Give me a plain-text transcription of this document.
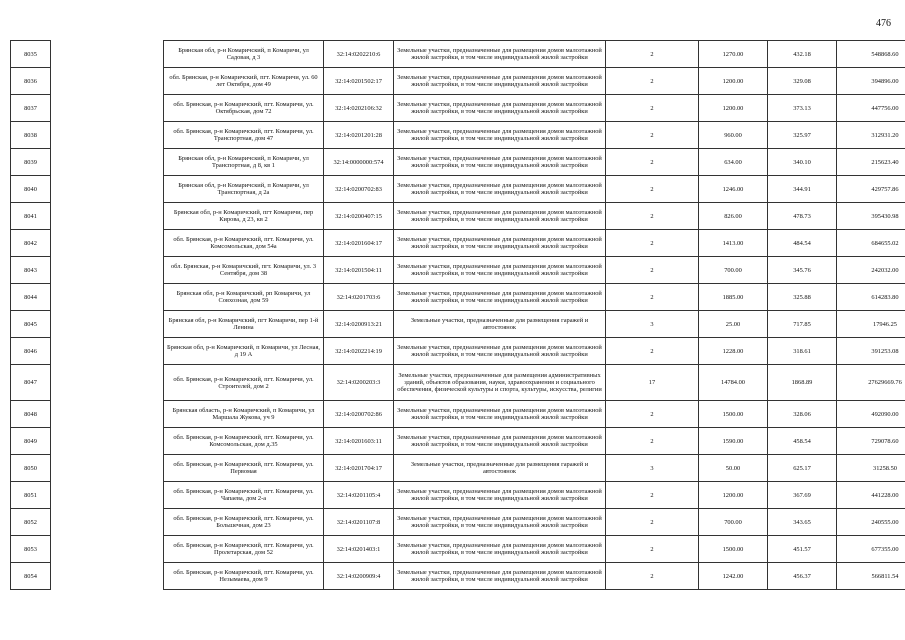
476
8035		Брянская обл, р-н Комаричский, п Комаричи, ул Садовая, д 3	32:14:0202210:6	Земельные участки, предназначенные для размещения домов малоэтажной жилой застройки, в том числе индивидуальной жилой застройки	2	1270.00	432.18	548868.60
8036		обл. Брянская, р-н Комаричский, пгт. Комаричи, ул. 60 лет Октября, дом 49	32:14:0201502:17	Земельные участки, предназначенные для размещения домов малоэтажной жилой застройки, в том числе индивидуальной жилой застройки	2	1200.00	329.08	394896.00
8037		обл. Брянская, р-н Комаричский, пгт. Комаричи, ул. Октябрьская, дом 72	32:14:0202106:32	Земельные участки, предназначенные для размещения домов малоэтажной жилой застройки, в том числе индивидуальной жилой застройки	2	1200.00	373.13	447756.00
8038		обл. Брянская, р-н Комаричский, пгт. Комаричи, ул. Транспортная, дом 47	32:14:0201201:28	Земельные участки, предназначенные для размещения домов малоэтажной жилой застройки, в том числе индивидуальной жилой застройки	2	960.00	325.97	312931.20
8039		Брянская обл, р-н Комаричский, п Комаричи, ул Транспортная, д 8, кв 1	32:14:0000000:574	Земельные участки, предназначенные для размещения домов малоэтажной жилой застройки, в том числе индивидуальной жилой застройки	2	634.00	340.10	215623.40
8040		Брянская обл, р-н Комаричский, п Комаричи, ул Транспортная, д 2а	32:14:0200702:83	Земельные участки, предназначенные для размещения домов малоэтажной жилой застройки, в том числе индивидуальной жилой застройки	2	1246.00	344.91	429757.86
8041		Брянская обл, р-н Комаричский, пгт Комаричи, пер Кирова, д 23, кв 2	32:14:0200407:15	Земельные участки, предназначенные для размещения домов малоэтажной жилой застройки, в том числе индивидуальной жилой застройки	2	826.00	478.73	395430.98
8042		обл. Брянская, р-н Комаричский, пгт. Комаричи, ул. Комсомольская, дом 54а	32:14:0201604:17	Земельные участки, предназначенные для размещения домов малоэтажной жилой застройки, в том числе индивидуальной жилой застройки	2	1413.00	484.54	684655.02
8043		обл. Брянская, р-н Комаричский, пгт. Комаричи, ул. 3 Сентября, дом 38	32:14:0201504:11	Земельные участки, предназначенные для размещения домов малоэтажной жилой застройки, в том числе индивидуальной жилой застройки	2	700.00	345.76	242032.00
8044		Брянская обл, р-н Комаричский, рп Комаричи, ул Совхозная, дом 59	32:14:0201703:6	Земельные участки, предназначенные для размещения домов малоэтажной жилой застройки, в том числе индивидуальной жилой застройки	2	1885.00	325.88	614283.80
8045		Брянская обл, р-н Комаричский, пгт Комаричи, пер 1-й Ленина	32:14:0200913:21	Земельные участки, предназначенные для размещения гаражей и автостоянок	3	25.00	717.85	17946.25
8046		Брянская обл, р-н Комаричский, п Комаричи, ул Лесная, д 19 А	32:14:0202214:19	Земельные участки, предназначенные для размещения домов малоэтажной жилой застройки, в том числе индивидуальной жилой застройки	2	1228.00	318.61	391253.08
8047		обл. Брянская, р-н Комаричский, пгт. Комаричи, ул. Строителей, дом 2	32:14:0200203:3	Земельные участки, предназначенные для размещения административных зданий, объектов образования, науки, здравоохранения и социального обеспечения, физической культуры и спорта, культуры, искусства, религии	17	14784.00	1868.89	27629669.76
8048		Брянская область, р-н Комаричский, п Комаричи, ул Маршала Жукова, уч 9	32:14:0200702:86	Земельные участки, предназначенные для размещения домов малоэтажной жилой застройки, в том числе индивидуальной жилой застройки	2	1500.00	328.06	492090.00
8049		обл. Брянская, р-н Комаричский, пгт. Комаричи, ул. Комсомольская, дом д.35	32:14:0201603:11	Земельные участки, предназначенные для размещения домов малоэтажной жилой застройки, в том числе индивидуальной жилой застройки	2	1590.00	458.54	729078.60
8050		обл. Брянская, р-н Комаричский, пгт. Комаричи, ул. Первомая	32:14:0201704:17	Земельные участки, предназначенные для размещения гаражей и автостоянок	3	50.00	625.17	31258.50
8051		обл. Брянская, р-н Комаричский, пгт. Комаричи, ул. Чапаева, дом 2-а	32:14:0201105:4	Земельные участки, предназначенные для размещения домов малоэтажной жилой застройки, в том числе индивидуальной жилой застройки	2	1200.00	367.69	441228.00
8052		обл. Брянская, р-н Комаричский, пгт. Комаричи, ул. Большечная, дом 23	32:14:0201107:8	Земельные участки, предназначенные для размещения домов малоэтажной жилой застройки, в том числе индивидуальной жилой застройки	2	700.00	343.65	240555.00
8053		обл. Брянская, р-н Комаричский, пгт. Комаричи, ул. Пролетарская, дом 52	32:14:0201403:1	Земельные участки, предназначенные для размещения домов малоэтажной жилой застройки, в том числе индивидуальной жилой застройки	2	1500.00	451.57	677355.00
8054		обл. Брянская, р-н Комаричский, пгт. Комаричи, ул. Незымаева, дом 9	32:14:0200909:4	Земельные участки, предназначенные для размещения домов малоэтажной жилой застройки, в том числе индивидуальной жилой застройки	2	1242.00	456.37	566811.54
